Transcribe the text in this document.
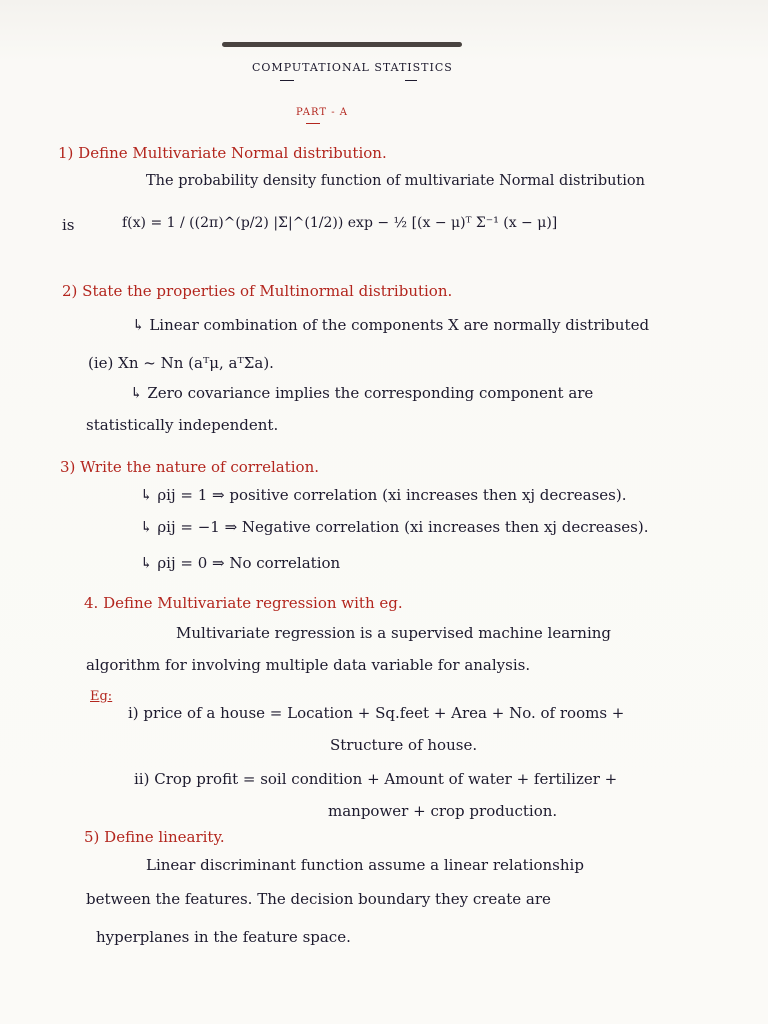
COMPUTATIONAL STATISTICS
PART - A
1) Define Multivariate Normal distribution.
The probability density function of multivariate Normal distribution
is	f(x) = 1 / ((2π)^(p/2) |Σ|^(1/2)) exp − ½ [(x − μ)ᵀ Σ⁻¹ (x − μ)]
2) State the properties of Multinormal distribution.
↳ Linear combination of the components X are normally distributed
(ie) Xn ~ Nn (aᵀμ, aᵀΣa).
↳ Zero covariance implies the corresponding component are
statistically independent.
3) Write the nature of correlation.
↳ ρij = 1 ⇒ positive correlation (xi increases then xj decreases).
↳ ρij = −1 ⇒ Negative correlation (xi increases then xj decreases).
↳ ρij = 0 ⇒ No correlation
4. Define Multivariate regression with eg.
Multivariate regression is a supervised machine learning
algorithm for involving multiple data variable for analysis.
Eg:
i) price of a house = Location + Sq.feet + Area + No. of rooms +
Structure of house.
ii) Crop profit = soil condition + Amount of water + fertilizer +
manpower + crop production.
5) Define linearity.
Linear discriminant function assume a linear relationship
between the features. The decision boundary they create are
hyperplanes in the feature space.
